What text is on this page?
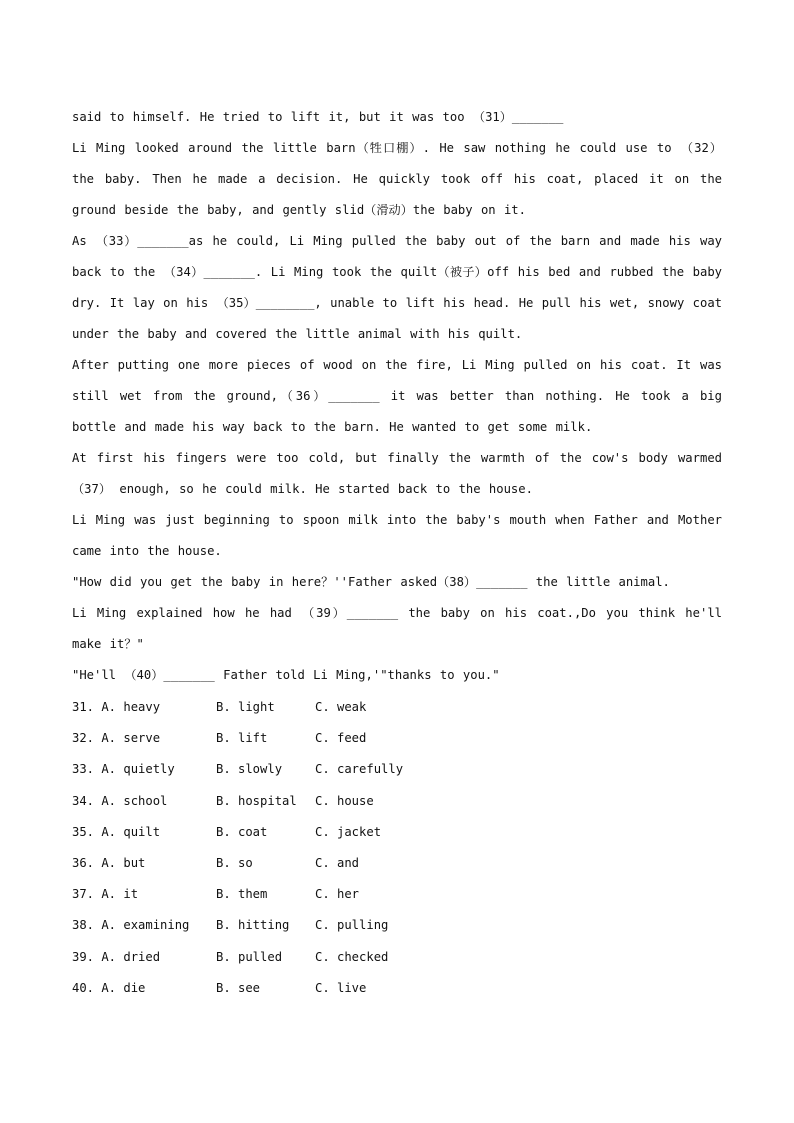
said to himself. He tried to lift it, but it was too （31）_______

Li Ming looked around the little barn（牲口棚）. He saw nothing he could use to （32） the baby. Then he made a decision. He quickly took off his coat, placed it on the ground beside the baby, and gently slid（滑动）the baby on it.

As （33）_______as he could, Li Ming pulled the baby out of the barn and made his way back to the （34）_______. Li Ming took the quilt（被子）off his bed and rubbed the baby dry. It lay on his （35）________, unable to lift his head. He pull his wet, snowy coat under the baby and covered the little animal with his quilt.

After putting one more pieces of wood on the fire, Li Ming pulled on his coat. It was still wet from the ground,（36）_______ it was better than nothing. He took a big bottle and made his way back to the barn. He wanted to get some milk.

At first his fingers were too cold, but finally the warmth of the cow's body warmed （37） enough, so he could milk. He started back to the house.

Li Ming was just beginning to spoon milk into the baby's mouth when Father and Mother came into the house.

"How did you get the baby in here？''Father asked（38）_______ the little animal.

Li Ming explained how he had （39）_______ the baby on his coat.,Do you think he'll make it？"

"He'll （40）_______ Father told Li Ming,'"thanks to you."

31. A. heavy	B. light	C. weak
32. A. serve	B. lift	C. feed
33. A. quietly	B. slowly	C. carefully
34. A. school	B. hospital	C. house
35. A. quilt	B. coat	C. jacket
36. A. but	B. so	C. and
37. A. it	B. them	C. her
38. A. examining	B. hitting	C. pulling
39. A. dried	B. pulled	C. checked
40. A. die	B. see	C. live
